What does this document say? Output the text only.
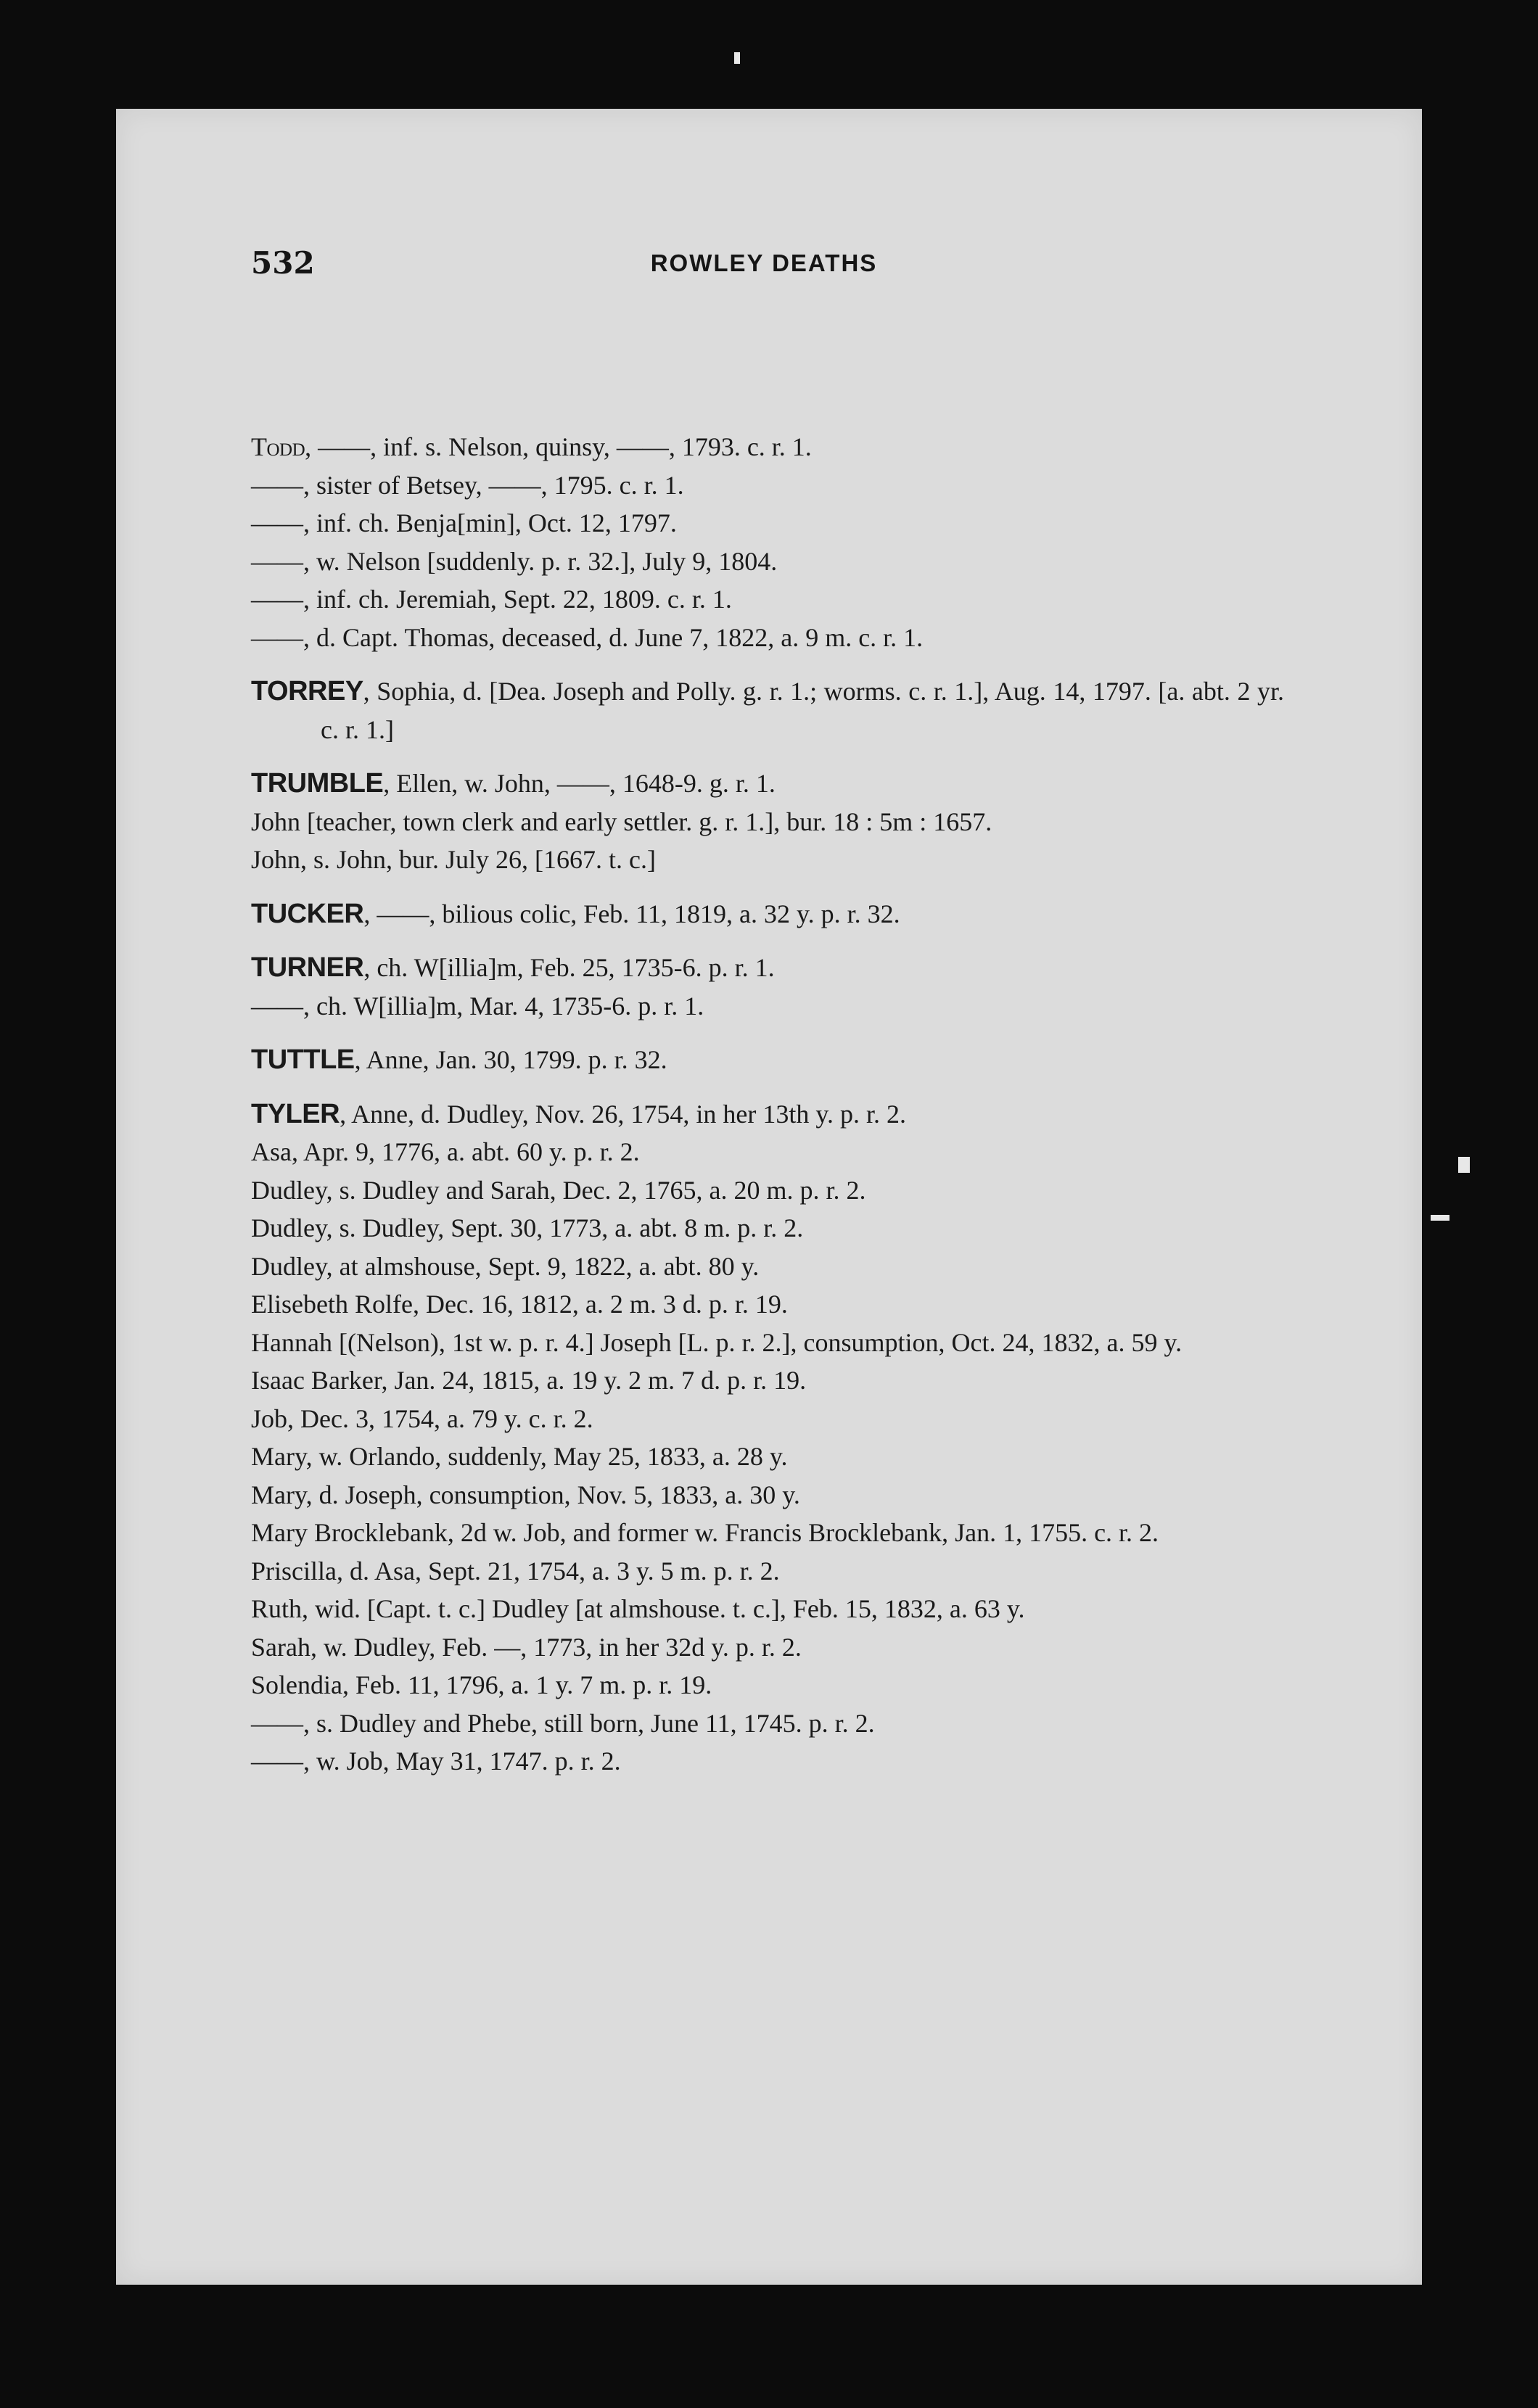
532	ROWLEY DEATHS

Todd, ——, inf. s. Nelson, quinsy, ——, 1793. c. r. 1.

——, sister of Betsey, ——, 1795. c. r. 1.

——, inf. ch. Benja[min], Oct. 12, 1797.

——, w. Nelson [suddenly. p. r. 32.], July 9, 1804.

——, inf. ch. Jeremiah, Sept. 22, 1809. c. r. 1.

——, d. Capt. Thomas, deceased, d. June 7, 1822, a. 9 m. c. r. 1.

TORREY, Sophia, d. [Dea. Joseph and Polly. g. r. 1.; worms. c. r. 1.], Aug. 14, 1797. [a. abt. 2 yr. c. r. 1.]

TRUMBLE, Ellen, w. John, ——, 1648-9. g. r. 1.

John [teacher, town clerk and early settler. g. r. 1.], bur. 18 : 5m : 1657.

John, s. John, bur. July 26, [1667. t. c.]

TUCKER, ——, bilious colic, Feb. 11, 1819, a. 32 y. p. r. 32.

TURNER, ch. W[illia]m, Feb. 25, 1735-6. p. r. 1.

——, ch. W[illia]m, Mar. 4, 1735-6. p. r. 1.

TUTTLE, Anne, Jan. 30, 1799. p. r. 32.

TYLER, Anne, d. Dudley, Nov. 26, 1754, in her 13th y. p. r. 2.

Asa, Apr. 9, 1776, a. abt. 60 y. p. r. 2.

Dudley, s. Dudley and Sarah, Dec. 2, 1765, a. 20 m. p. r. 2.

Dudley, s. Dudley, Sept. 30, 1773, a. abt. 8 m. p. r. 2.

Dudley, at almshouse, Sept. 9, 1822, a. abt. 80 y.

Elisebeth Rolfe, Dec. 16, 1812, a. 2 m. 3 d. p. r. 19.

Hannah [(Nelson), 1st w. p. r. 4.] Joseph [L. p. r. 2.], consumption, Oct. 24, 1832, a. 59 y.

Isaac Barker, Jan. 24, 1815, a. 19 y. 2 m. 7 d. p. r. 19.

Job, Dec. 3, 1754, a. 79 y. c. r. 2.

Mary, w. Orlando, suddenly, May 25, 1833, a. 28 y.

Mary, d. Joseph, consumption, Nov. 5, 1833, a. 30 y.

Mary Brocklebank, 2d w. Job, and former w. Francis Brocklebank, Jan. 1, 1755. c. r. 2.

Priscilla, d. Asa, Sept. 21, 1754, a. 3 y. 5 m. p. r. 2.

Ruth, wid. [Capt. t. c.] Dudley [at almshouse. t. c.], Feb. 15, 1832, a. 63 y.

Sarah, w. Dudley, Feb. —, 1773, in her 32d y. p. r. 2.

Solendia, Feb. 11, 1796, a. 1 y. 7 m. p. r. 19.

——, s. Dudley and Phebe, still born, June 11, 1745. p. r. 2.

——, w. Job, May 31, 1747. p. r. 2.
